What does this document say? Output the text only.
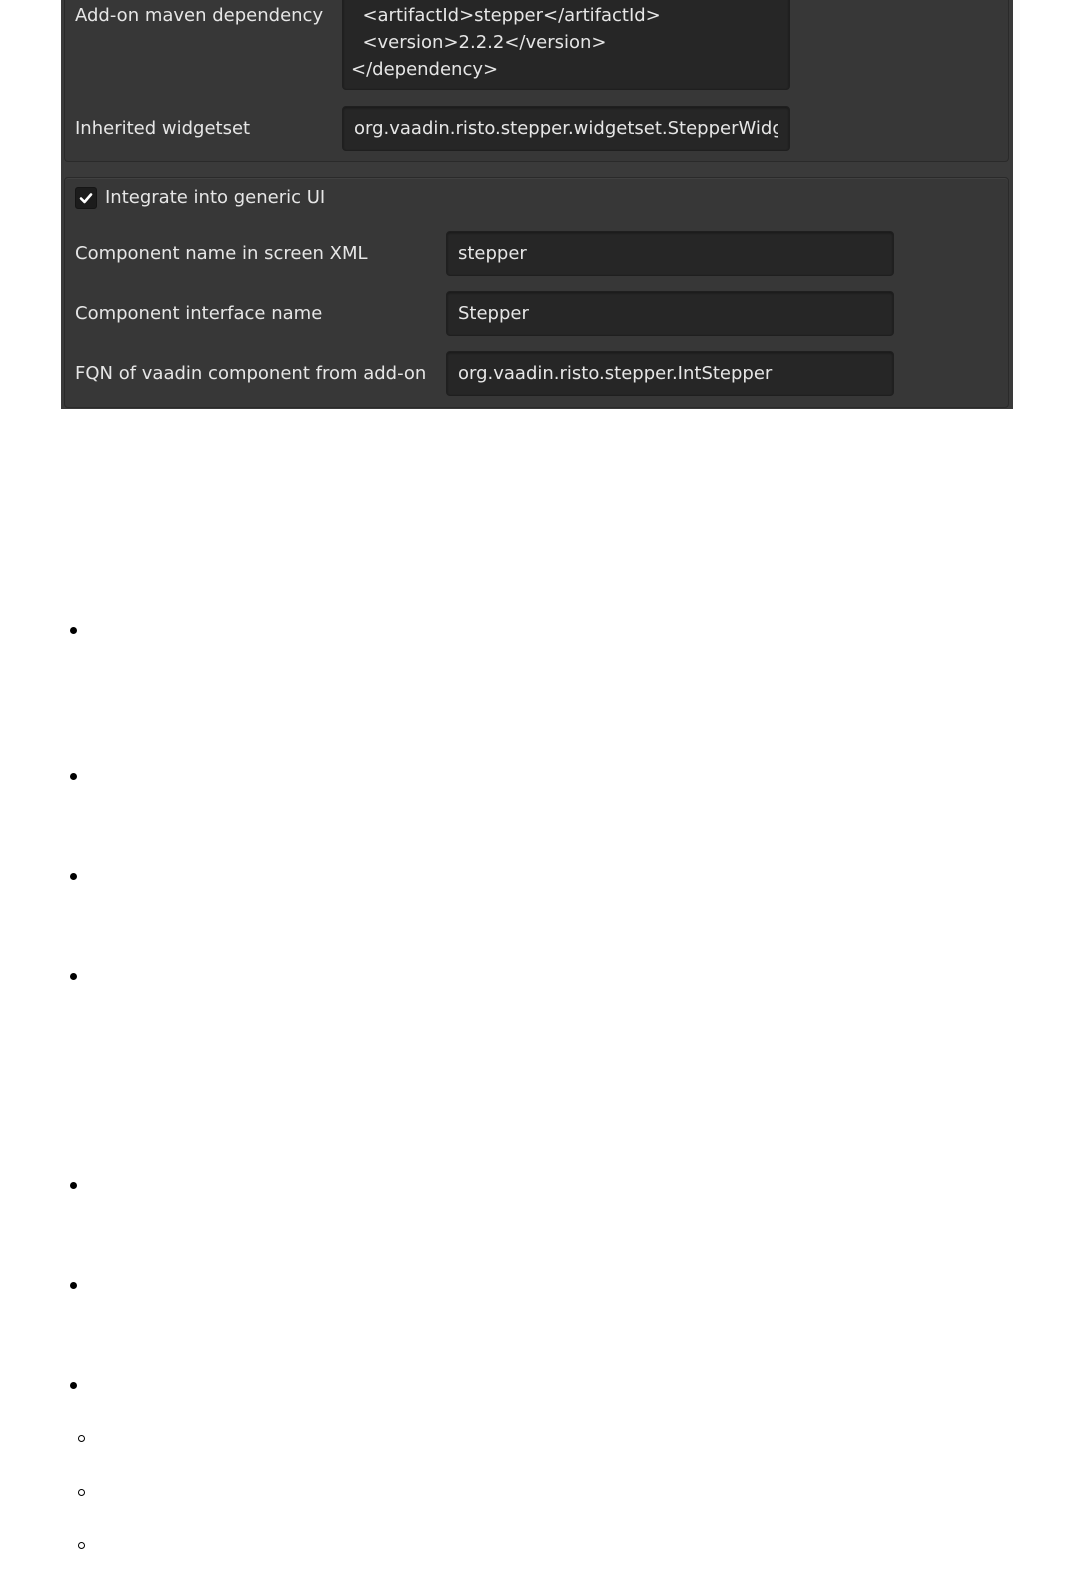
Add-on maven dependency <artifactId>stepper</artifactId>
<version>2.2.2</version>
</dependency>
Inherited widgetset
org.vaadin.risto.stepper.widgetset.StepperWidgetset
Integrate into generic UI
Component name in screen XML
stepper
Component interface name
Stepper
FQN of vaadin component from add-on
org.vaadin.risto.stepper.IntStepper
